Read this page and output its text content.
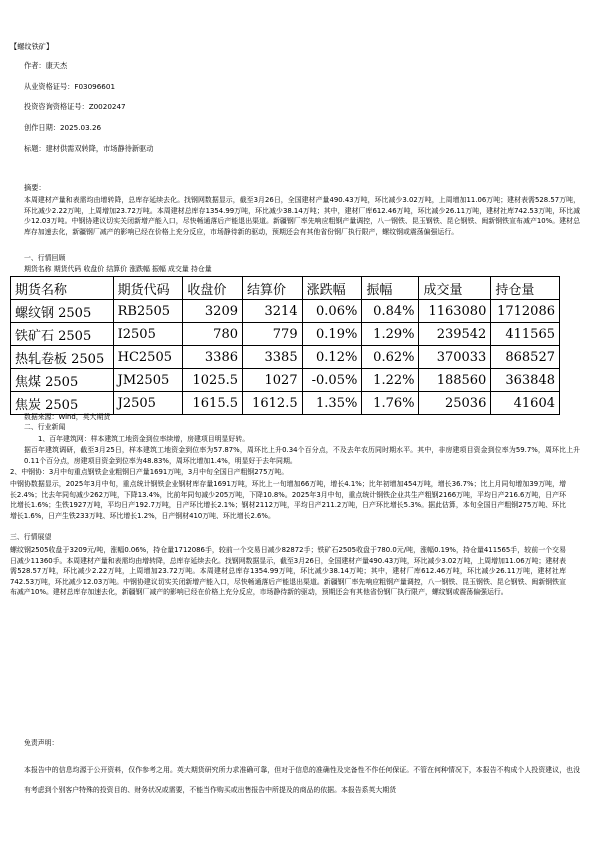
【螺纹铁矿】
作者：康天杰
从业资格证号：F03096601
投资咨询资格证号：Z0020247
创作日期：2025.03.26
标题：建材供需双转降，市场静待新驱动
摘要：
本周建材产量和表需均由增转降，总库存延续去化。找钢网数据显示，截至3月26日，全国建材产量490.43万吨，环比减少3.02万吨，上周增加11.06万吨；建材表需528.57万吨，环比减少2.22万吨，上周增加23.72万吨。本周建材总库存1354.99万吨，环比减少38.14万吨；其中，建材厂库612.46万吨，环比减少26.11万吨，建材社库742.53万吨，环比减少12.03万吨。中钢协建议切实关闭新增产能入口，尽快畅通落后产能退出渠道。新疆钢厂率先响应粗钢产量调控，八一钢铁、昆玉钢铁、昆仑钢铁、闽新钢铁宣布减产10%。建材总库存加速去化，新疆钢厂减产的影响已经在价格上充分反应，市场静待新的驱动，预期还会有其他省份钢厂执行限产，螺纹钢或震荡偏强运行。
一、行情回顾
期货名称 期货代码 收盘价 结算价 涨跌幅 振幅 成交量 持仓量
期货名称	期货代码	收盘价	结算价	涨跌幅	振幅	成交量	持仓量
螺纹钢 2505	RB2505	3209	3214	0.06%	0.84%	1163080	1712086
铁矿石 2505	I2505	780	779	0.19%	1.29%	239542	411565
热轧卷板 2505	HC2505	3386	3385	0.12%	0.62%	370033	868527
焦煤 2505	JM2505	1025.5	1027	-0.05%	1.22%	188560	363848
焦炭 2505	J2505	1615.5	1612.5	1.35%	1.76%	25036	41604
数据来源：Wind，英大期货
二、行业新闻
1、百年建筑网：样本建筑工地资金到位率续增，房建项目明显好转。
据百年建筑调研，截至3月25日，样本建筑工地资金到位率为57.87%，周环比上升0.34个百分点，不及去年农历同时期水平。其中，非房建项目资金到位率为59.7%，周环比上升0.11个百分点，房建项目资金到位率为48.83%，周环比增加1.4%，明显好于去年同期。
2、中钢协：3月中旬重点钢铁企业粗钢日产量1691万吨，3月中旬全国日产粗钢275万吨。
中钢协数据显示，2025年3月中旬，重点统计钢铁企业钢材库存量1691万吨，环比上一旬增加66万吨，增长4.1%；比年初增加454万吨，增长36.7%；比上月同旬增加39万吨，增长2.4%；比去年同旬减少262万吨，下降13.4%，比前年同旬减少205万吨，下降10.8%。2025年3月中旬，重点统计钢铁企业共生产粗钢2166万吨，平均日产216.6万吨，日产环比增长1.6%；生铁1927万吨，平均日产192.7万吨，日产环比增长2.1%；钢材2112万吨，平均日产211.2万吨，日产环比增长5.3%。据此估算，本旬全国日产粗钢275万吨、环比增长1.6%，日产生铁233万吨、环比增长1.2%，日产钢材410万吨、环比增长2.6%。
三、行情展望
螺纹钢2505收盘于3209元/吨，涨幅0.06%，持仓量1712086手，较前一个交易日减少82872手；铁矿石2505收盘于780.0元/吨，涨幅0.19%，持仓量411565手，较前一个交易日减少11360手。本周建材产量和表需均由增转降，总库存延续去化。找钢网数据显示，截至3月26日，全国建材产量490.43万吨，环比减少3.02万吨，上周增加11.06万吨；建材表需528.57万吨，环比减少2.22万吨，上周增加23.72万吨。本周建材总库存1354.99万吨，环比减少38.14万吨；其中，建材厂库612.46万吨，环比减少26.11万吨，建材社库742.53万吨，环比减少12.03万吨。中钢协建议切实关闭新增产能入口，尽快畅通落后产能退出渠道。新疆钢厂率先响应粗钢产量调控，八一钢铁、昆玉钢铁、昆仑钢铁、闽新钢铁宣布减产10%。建材总库存加速去化，新疆钢厂减产的影响已经在价格上充分反应，市场静待新的驱动，预期还会有其他省份钢厂执行限产，螺纹钢或震荡偏强运行。
免责声明：
本报告中的信息均源于公开资料，仅作参考之用。英大期货研究所力求准确可靠，但对于信息的准确性及完备性不作任何保证。不管在何种情况下，本报告不构成个人投资建议，也没有考虑到个别客户特殊的投资目的、财务状况或需要，不能当作购买或出售报告中所提及的商品的依据。本报告系英大期货
